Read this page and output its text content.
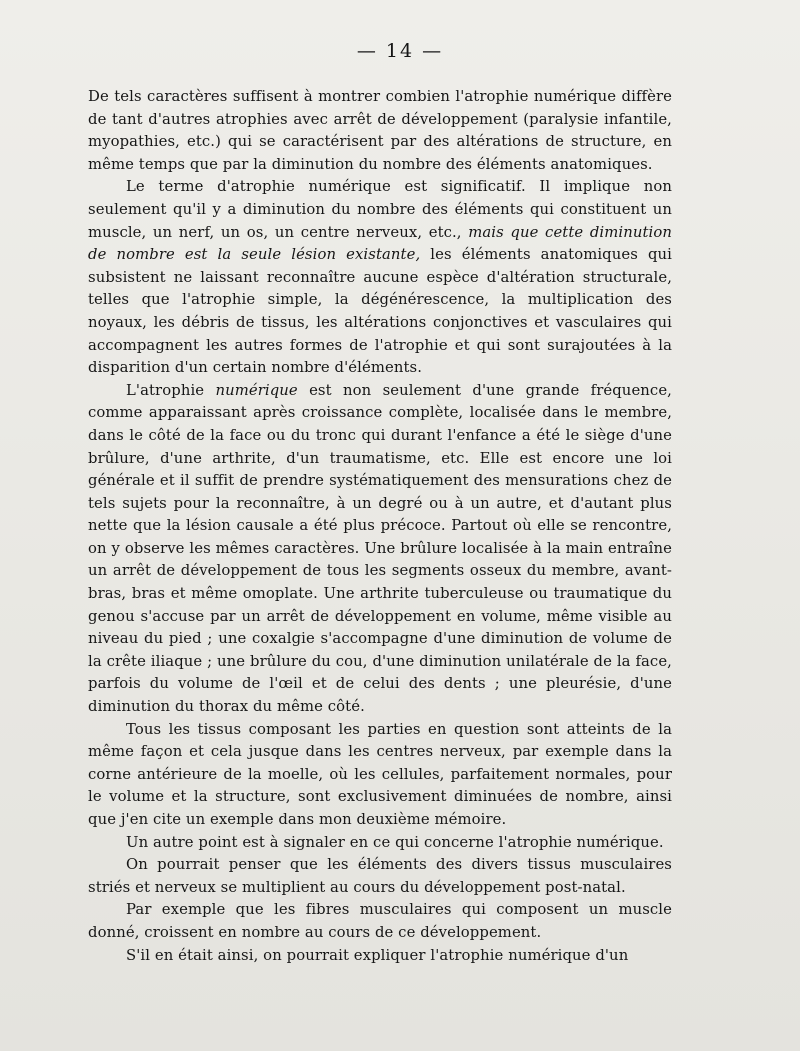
— 14 —

De tels caractères suffisent à montrer combien l'atrophie numérique diffère de tant d'autres atrophies avec arrêt de développement (paralysie infantile, myopathies, etc.) qui se caractérisent par des altérations de structure, en même temps que par la diminution du nombre des éléments anatomiques.

Le terme d'atrophie numérique est significatif. Il implique non seulement qu'il y a diminution du nombre des éléments qui constituent un muscle, un nerf, un os, un centre nerveux, etc., mais que cette diminution de nombre est la seule lésion existante, les éléments anatomiques qui subsistent ne laissant reconnaître aucune espèce d'altération structurale, telles que l'atrophie simple, la dégénérescence, la multiplication des noyaux, les débris de tissus, les altérations conjonctives et vasculaires qui accompagnent les autres formes de l'atrophie et qui sont surajoutées à la disparition d'un certain nombre d'éléments.

L'atrophie numérique est non seulement d'une grande fréquence, comme apparaissant après croissance complète, localisée dans le membre, dans le côté de la face ou du tronc qui durant l'enfance a été le siège d'une brûlure, d'une arthrite, d'un traumatisme, etc. Elle est encore une loi générale et il suffit de prendre systématiquement des mensurations chez de tels sujets pour la reconnaître, à un degré ou à un autre, et d'autant plus nette que la lésion causale a été plus précoce. Partout où elle se rencontre, on y observe les mêmes caractères. Une brûlure localisée à la main entraîne un arrêt de développement de tous les segments osseux du membre, avant-bras, bras et même omoplate. Une arthrite tuberculeuse ou traumatique du genou s'accuse par un arrêt de développement en volume, même visible au niveau du pied ; une coxalgie s'accompagne d'une diminution de volume de la crête iliaque ; une brûlure du cou, d'une diminution unilatérale de la face, parfois du volume de l'œil et de celui des dents ; une pleurésie, d'une diminution du thorax du même côté.

Tous les tissus composant les parties en question sont atteints de la même façon et cela jusque dans les centres nerveux, par exemple dans la corne antérieure de la moelle, où les cellules, parfaitement normales, pour le volume et la structure, sont exclusivement diminuées de nombre, ainsi que j'en cite un exemple dans mon deuxième mémoire.

Un autre point est à signaler en ce qui concerne l'atrophie numérique.

On pourrait penser que les éléments des divers tissus musculaires striés et nerveux se multiplient au cours du développement post-natal.

Par exemple que les fibres musculaires qui composent un muscle donné, croissent en nombre au cours de ce développement.

S'il en était ainsi, on pourrait expliquer l'atrophie numérique d'un
